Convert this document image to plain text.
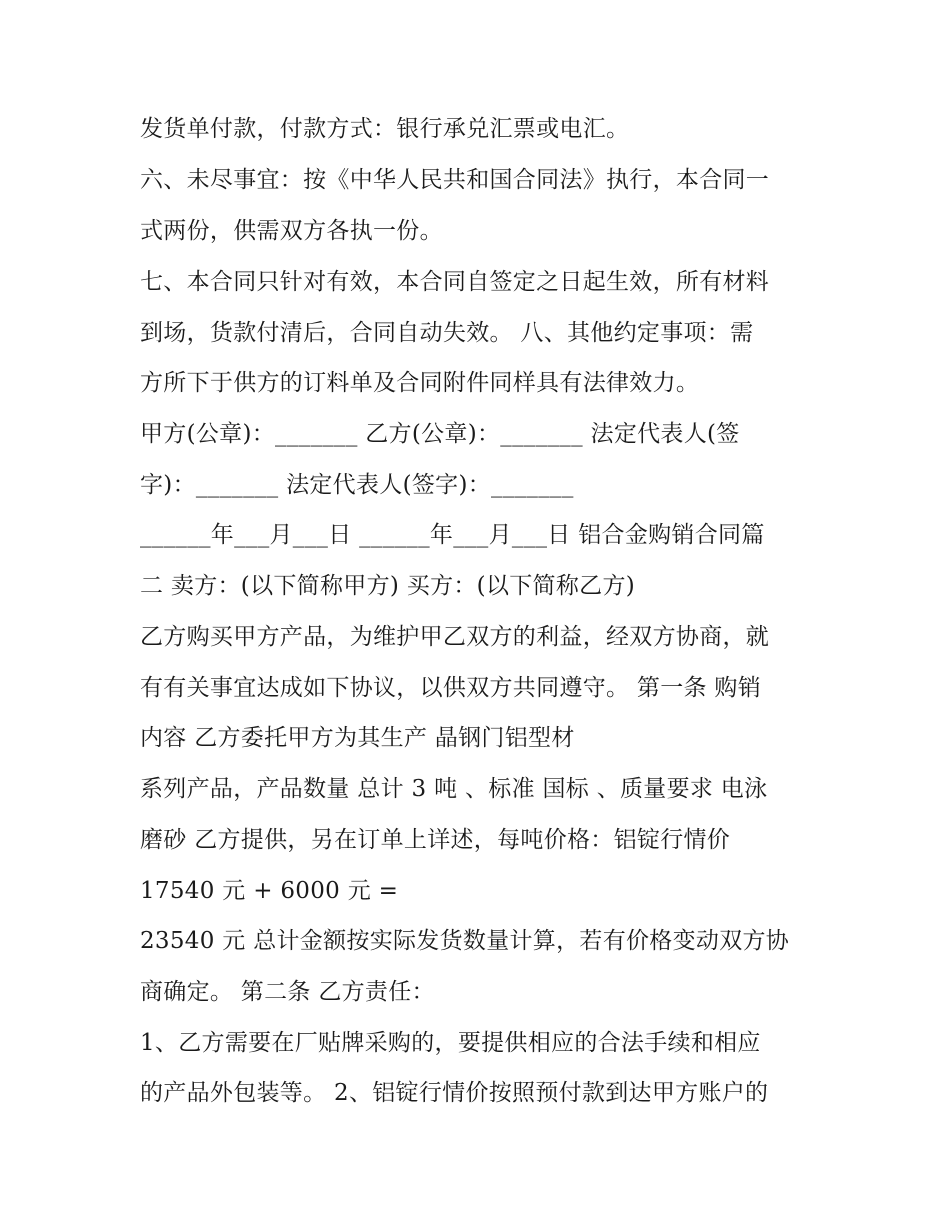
发货单付款，付款方式：银行承兑汇票或电汇。
六、未尽事宜：按《中华人民共和国合同法》执行，本合同一
式两份，供需双方各执一份。
七、本合同只针对有效，本合同自签定之日起生效，所有材料
到场，货款付清后，合同自动失效。 八、其他约定事项：需
方所下于供方的订料单及合同附件同样具有法律效力。
甲方(公章)：_______ 乙方(公章)：_______ 法定代表人(签
字)：_______ 法定代表人(签字)：_______
______年___月___日 ______年___月___日 铝合金购销合同篇
二 卖方：(以下简称甲方) 买方：(以下简称乙方)
乙方购买甲方产品，为维护甲乙双方的利益，经双方协商，就
有有关事宜达成如下协议，以供双方共同遵守。 第一条 购销
内容 乙方委托甲方为其生产 晶钢门铝型材
系列产品，产品数量 总计 3 吨 、标准 国标 、质量要求 电泳
磨砂 乙方提供，另在订单上详述，每吨价格：铝锭行情价
17540 元 + 6000 元 =
23540 元 总计金额按实际发货数量计算，若有价格变动双方协
商确定。 第二条 乙方责任：
1、乙方需要在厂贴牌采购的，要提供相应的合法手续和相应
的产品外包装等。 2、铝锭行情价按照预付款到达甲方账户的
